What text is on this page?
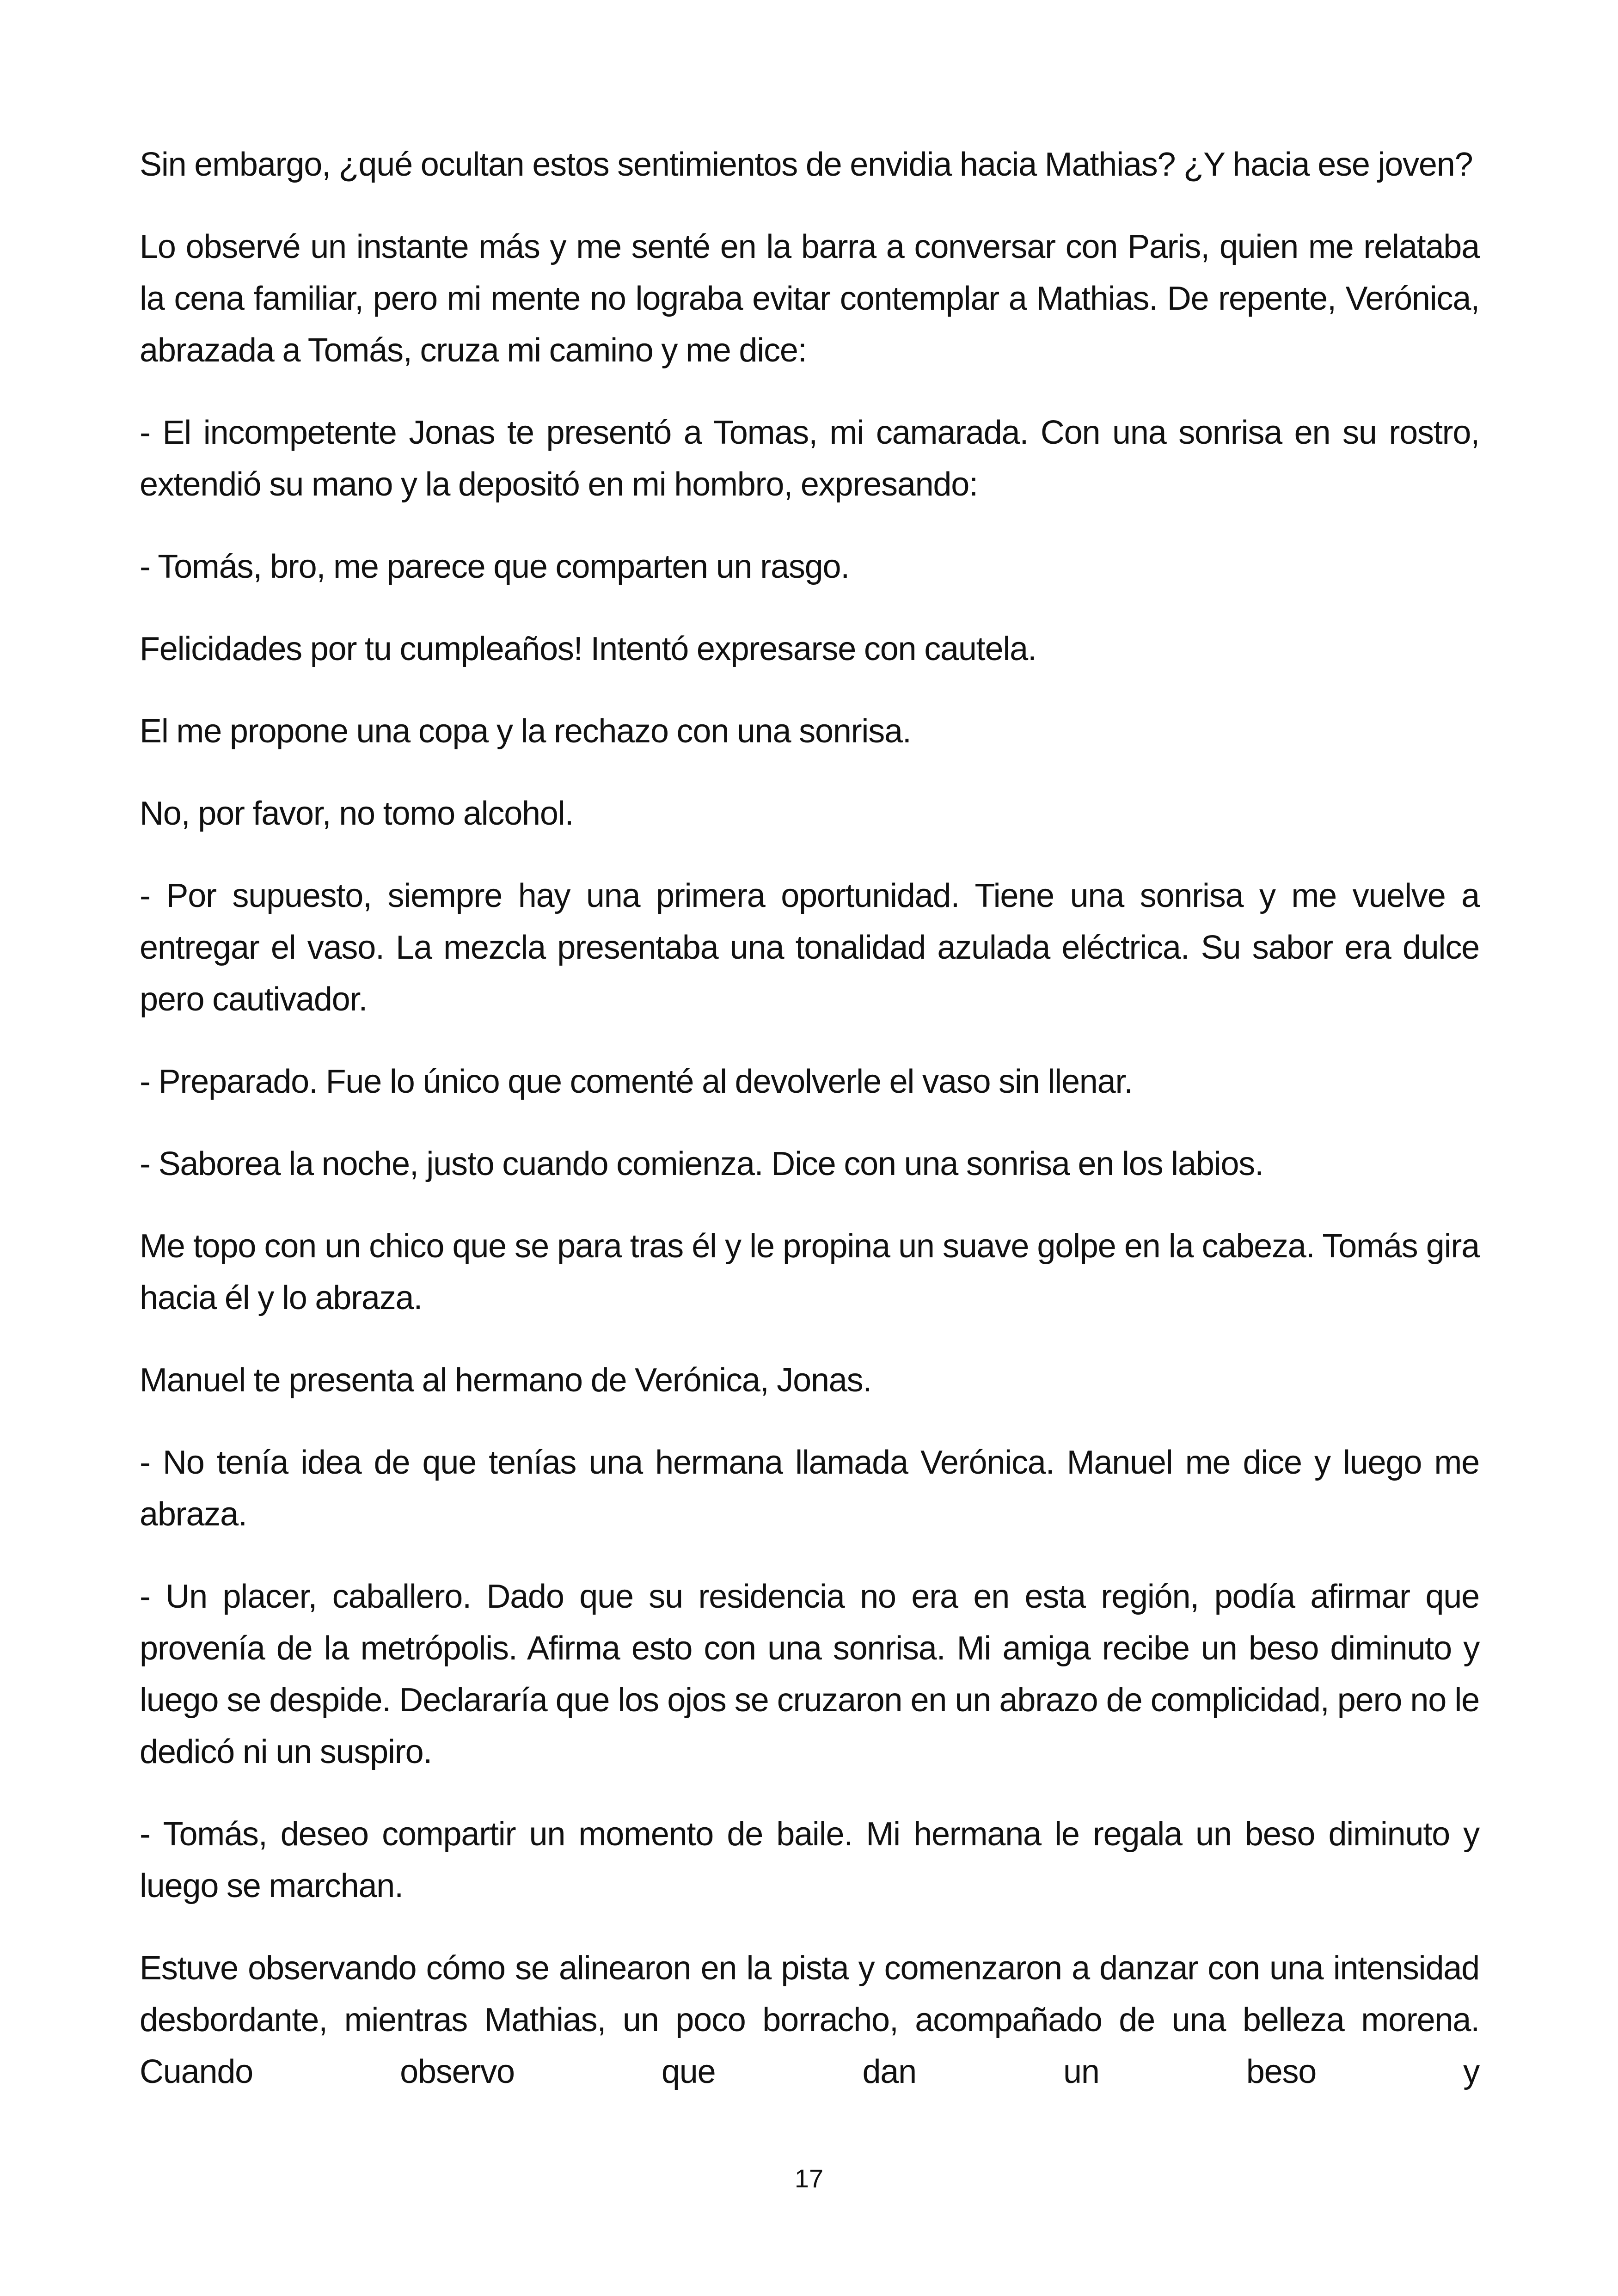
Sin embargo, ¿qué ocultan estos sentimientos de envidia hacia Mathias? ¿Y hacia ese joven?

Lo observé un instante más y me senté en la barra a conversar con Paris, quien me relataba la cena familiar, pero mi mente no lograba evitar contemplar a Mathias. De repente, Verónica, abrazada a Tomás, cruza mi camino y me dice:

- El incompetente Jonas te presentó a Tomas, mi camarada. Con una sonrisa en su rostro, extendió su mano y la depositó en mi hombro, expresando:

- Tomás, bro, me parece que comparten un rasgo.

Felicidades por tu cumpleaños! Intentó expresarse con cautela.

El me propone una copa y la rechazo con una sonrisa.

No, por favor, no tomo alcohol.

- Por supuesto, siempre hay una primera oportunidad. Tiene una sonrisa y me vuelve a entregar el vaso. La mezcla presentaba una tonalidad azulada eléctrica. Su sabor era dulce pero cautivador.

- Preparado. Fue lo único que comenté al devolverle el vaso sin llenar.

- Saborea la noche, justo cuando comienza. Dice con una sonrisa en los labios.

Me topo con un chico que se para tras él y le propina un suave golpe en la cabeza. Tomás gira hacia él y lo abraza.

Manuel te presenta al hermano de Verónica, Jonas.

- No tenía idea de que tenías una hermana llamada Verónica. Manuel me dice y luego me abraza.

- Un placer, caballero. Dado que su residencia no era en esta región, podía afirmar que provenía de la metrópolis. Afirma esto con una sonrisa. Mi amiga recibe un beso diminuto y luego se despide. Declararía que los ojos se cruzaron en un abrazo de complicidad, pero no le dedicó ni un suspiro.

- Tomás, deseo compartir un momento de baile. Mi hermana le regala un beso diminuto y luego se marchan.

Estuve observando cómo se alinearon en la pista y comenzaron a danzar con una intensidad desbordante, mientras Mathias, un poco borracho, acompañado de una belleza morena. Cuando observo que dan un beso y

17
